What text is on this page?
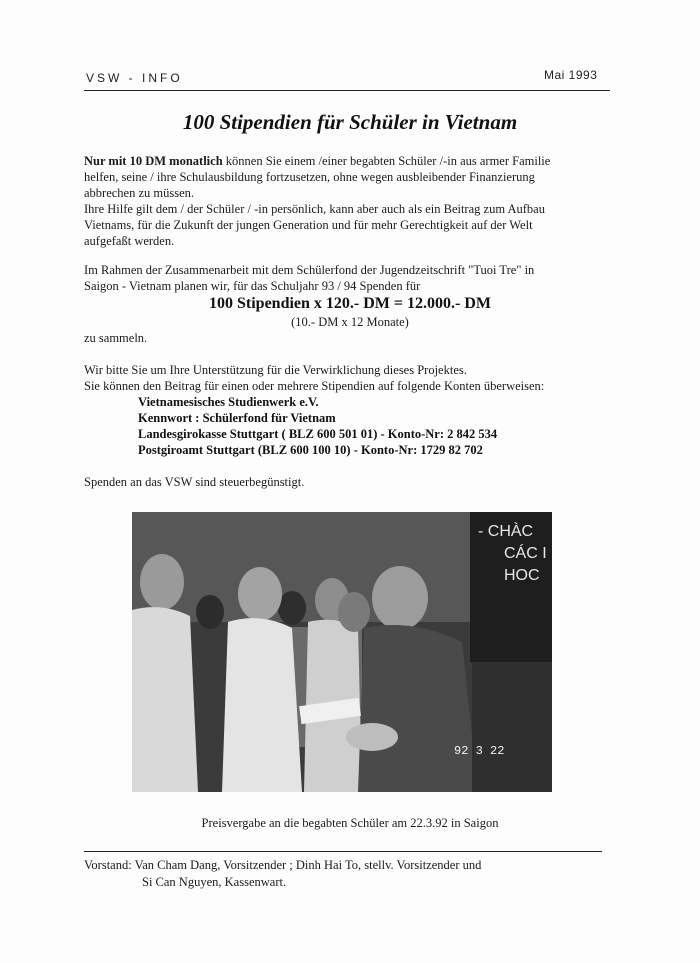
VSW - INFO	Mai 1993
100 Stipendien für Schüler in Vietnam
Nur mit 10 DM monatlich können Sie einem /einer begabten Schüler /-in aus armer Familie
helfen, seine / ihre Schulausbildung fortzusetzen, ohne wegen ausbleibender Finanzierung
abbrechen zu müssen.
Ihre Hilfe gilt dem / der Schüler / -in persönlich, kann aber auch als ein Beitrag zum Aufbau
Vietnams, für die Zukunft der jungen Generation und für mehr Gerechtigkeit auf der Welt
aufgefaßt werden.
Im Rahmen der Zusammenarbeit mit dem Schülerfond der Jugendzeitschrift "Tuoi Tre" in
Saigon - Vietnam planen wir, für das Schuljahr 93 / 94 Spenden für
100 Stipendien x 120.- DM = 12.000.- DM
(10.- DM x 12 Monate)
zu sammeln.
Wir bitte Sie um Ihre Unterstützung für die Verwirklichung dieses Projektes.
Sie können den Beitrag für einen oder mehrere Stipendien auf folgende Konten überweisen:
Vietnamesisches Studienwerk e.V.
Kennwort : Schülerfond für Vietnam
Landesgirokasse Stuttgart ( BLZ 600 501 01) - Konto-Nr: 2 842 534
Postgiroamt Stuttgart (BLZ 600 100 10) - Konto-Nr: 1729 82 702
Spenden an das VSW sind steuerbegünstigt.
- CHÀC
CÁC I
HOC
92 3 22
Preisvergabe an die begabten Schüler am 22.3.92 in Saigon
Vorstand: Van Cham Dang, Vorsitzender ; Dinh Hai To, stellv. Vorsitzender und
Si Can Nguyen, Kassenwart.
